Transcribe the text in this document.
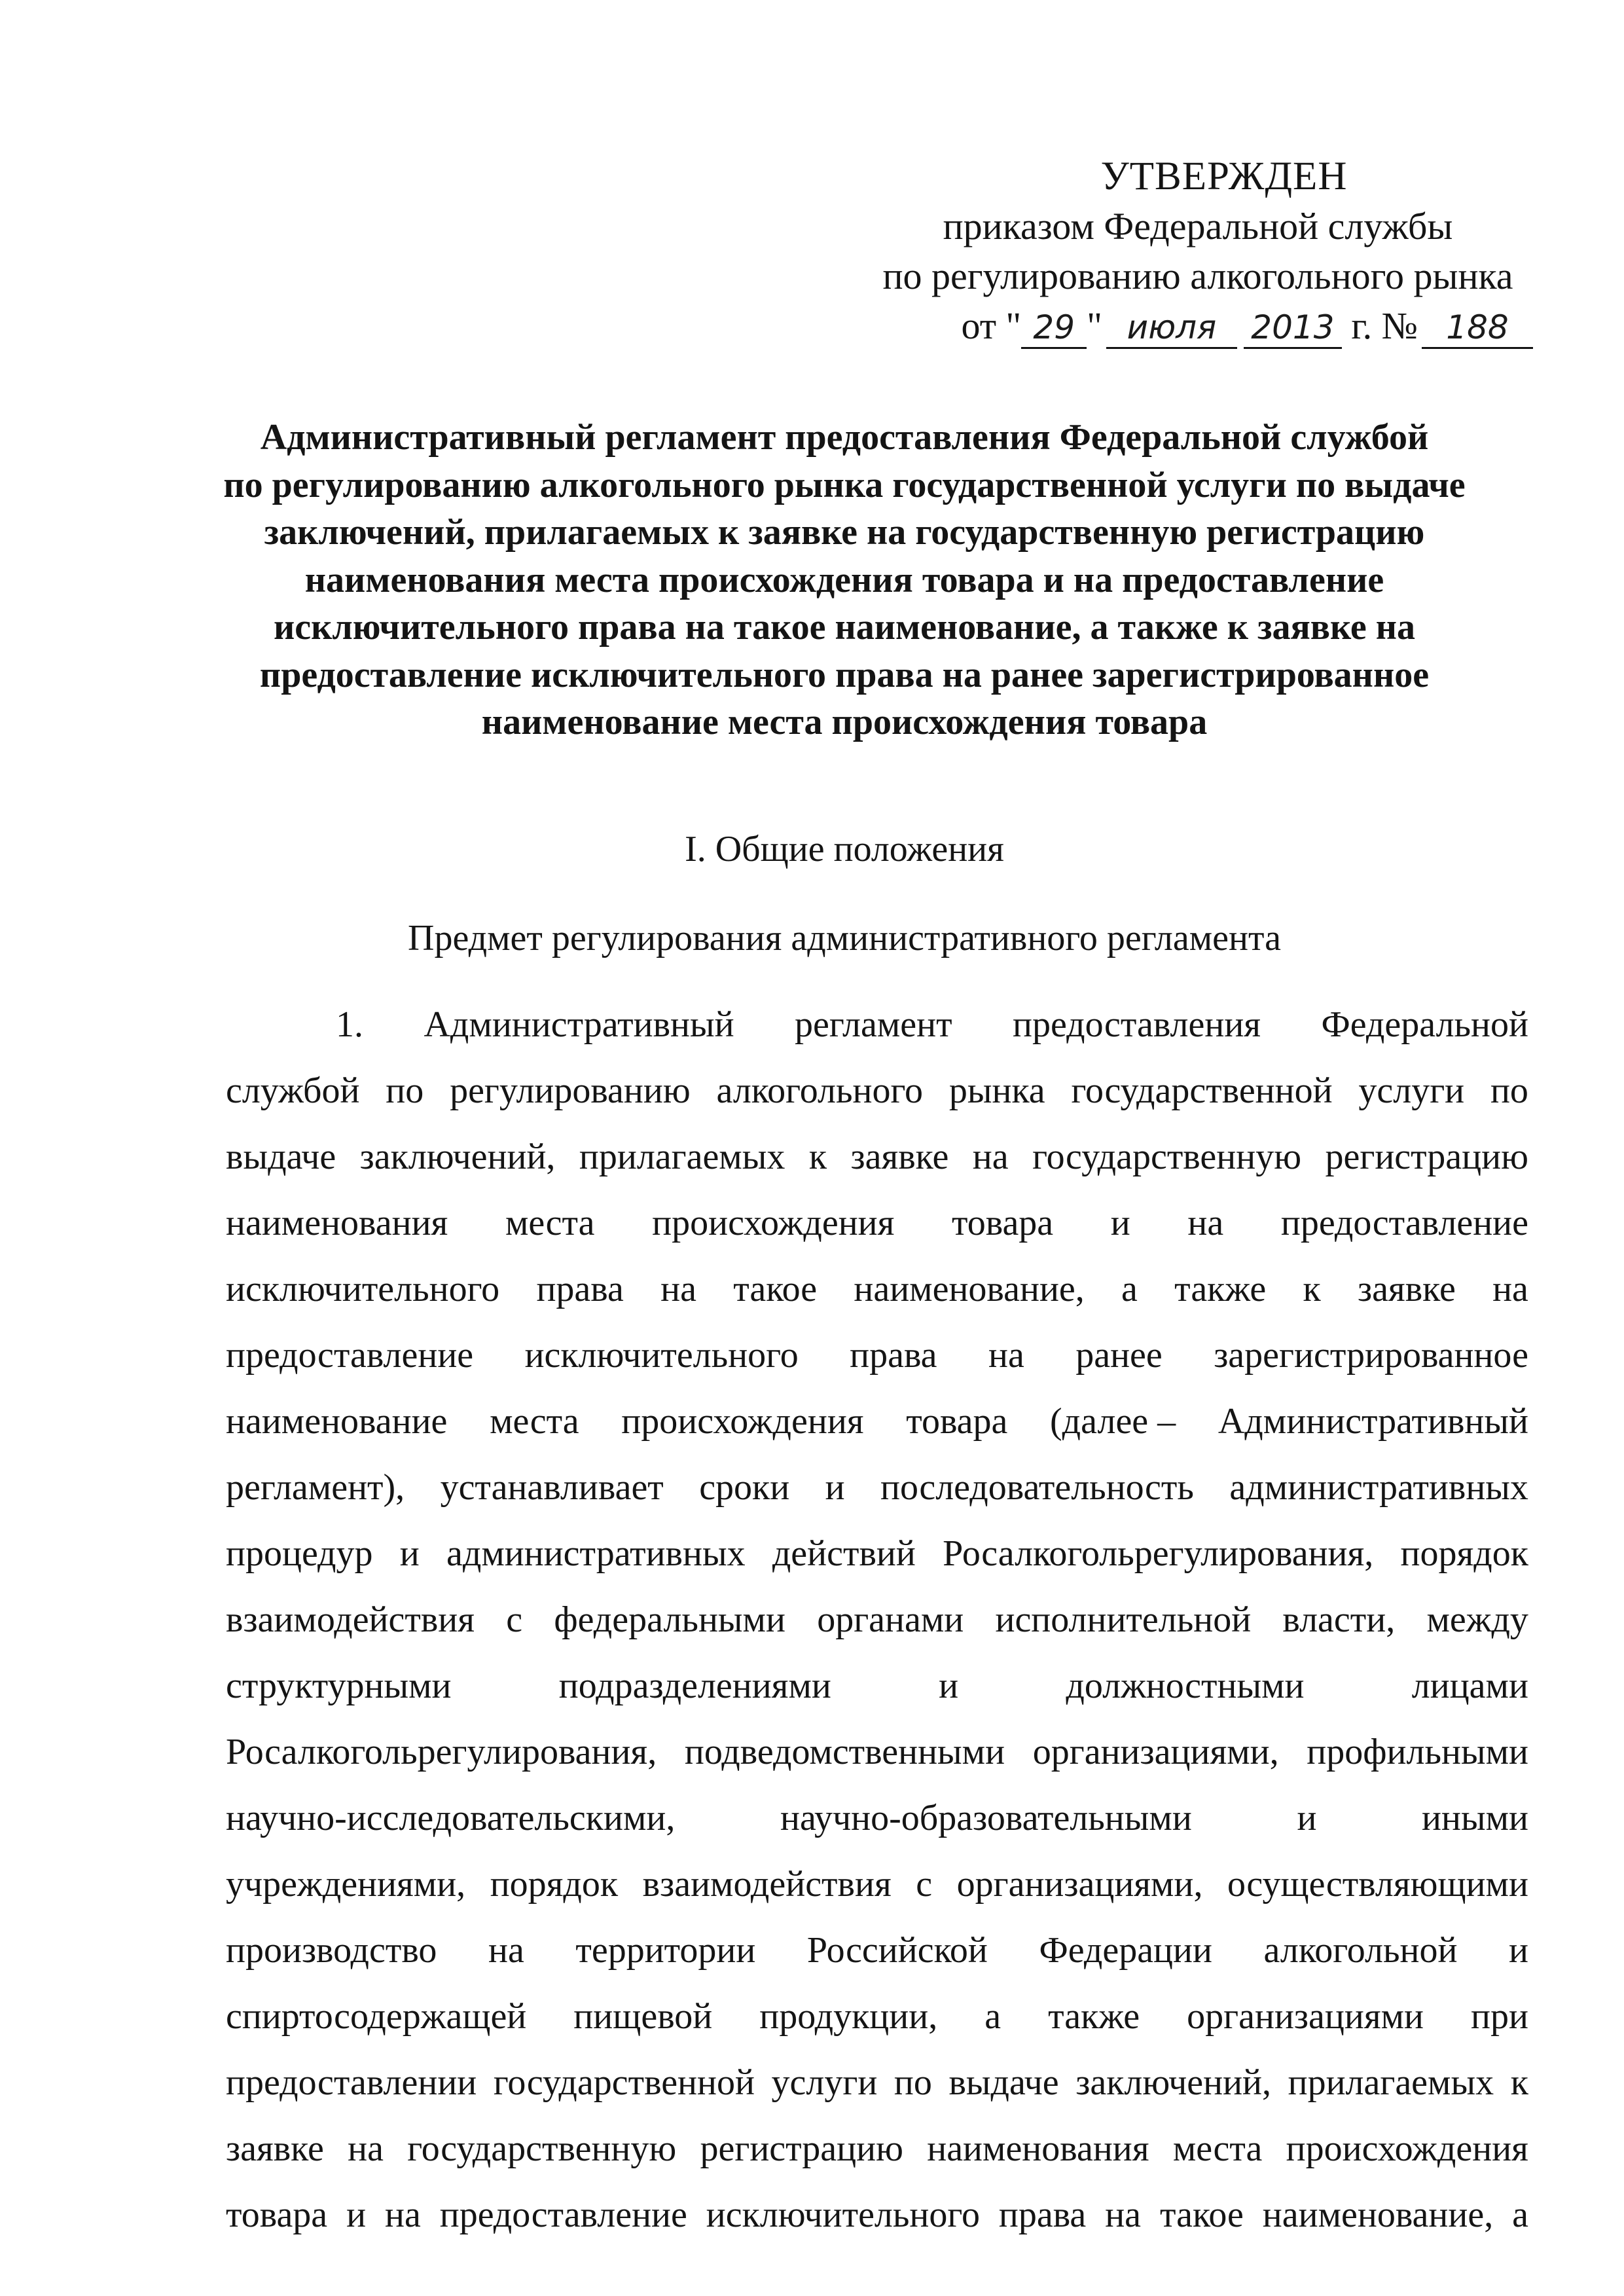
УТВЕРЖДЕН
приказом Федеральной службы
по регулированию алкогольного рынка
от " 29 " июля 2013 г. № 188
Административный регламент предоставления Федеральной службой
по регулированию алкогольного рынка государственной услуги по выдаче
заключений, прилагаемых к заявке на государственную регистрацию
наименования места происхождения товара и на предоставление
исключительного права на такое наименование, а также к заявке на
предоставление исключительного права на ранее зарегистрированное
наименование места происхождения товара
I. Общие положения
Предмет регулирования административного регламента
1. Административный регламент предоставления Федеральной
службой по регулированию алкогольного рынка государственной услуги по
выдаче заключений, прилагаемых к заявке на государственную регистрацию
наименования места происхождения товара и на предоставление
исключительного права на такое наименование, а также к заявке на
предоставление исключительного права на ранее зарегистрированное
наименование места происхождения товара (далее – Административный
регламент), устанавливает сроки и последовательность административных
процедур и административных действий Росалкогольрегулирования, порядок
взаимодействия с федеральными органами исполнительной власти, между
структурными	подразделениями	и	должностными	лицами
Росалкогольрегулирования, подведомственными организациями, профильными
научно-исследовательскими,	научно-образовательными	и	иными
учреждениями, порядок взаимодействия с организациями, осуществляющими
производство на территории Российской Федерации алкогольной и
спиртосодержащей пищевой продукции, а также организациями при
предоставлении государственной услуги по выдаче заключений, прилагаемых к
заявке на государственную регистрацию наименования места происхождения
товара и на предоставление исключительного права на такое наименование, а
